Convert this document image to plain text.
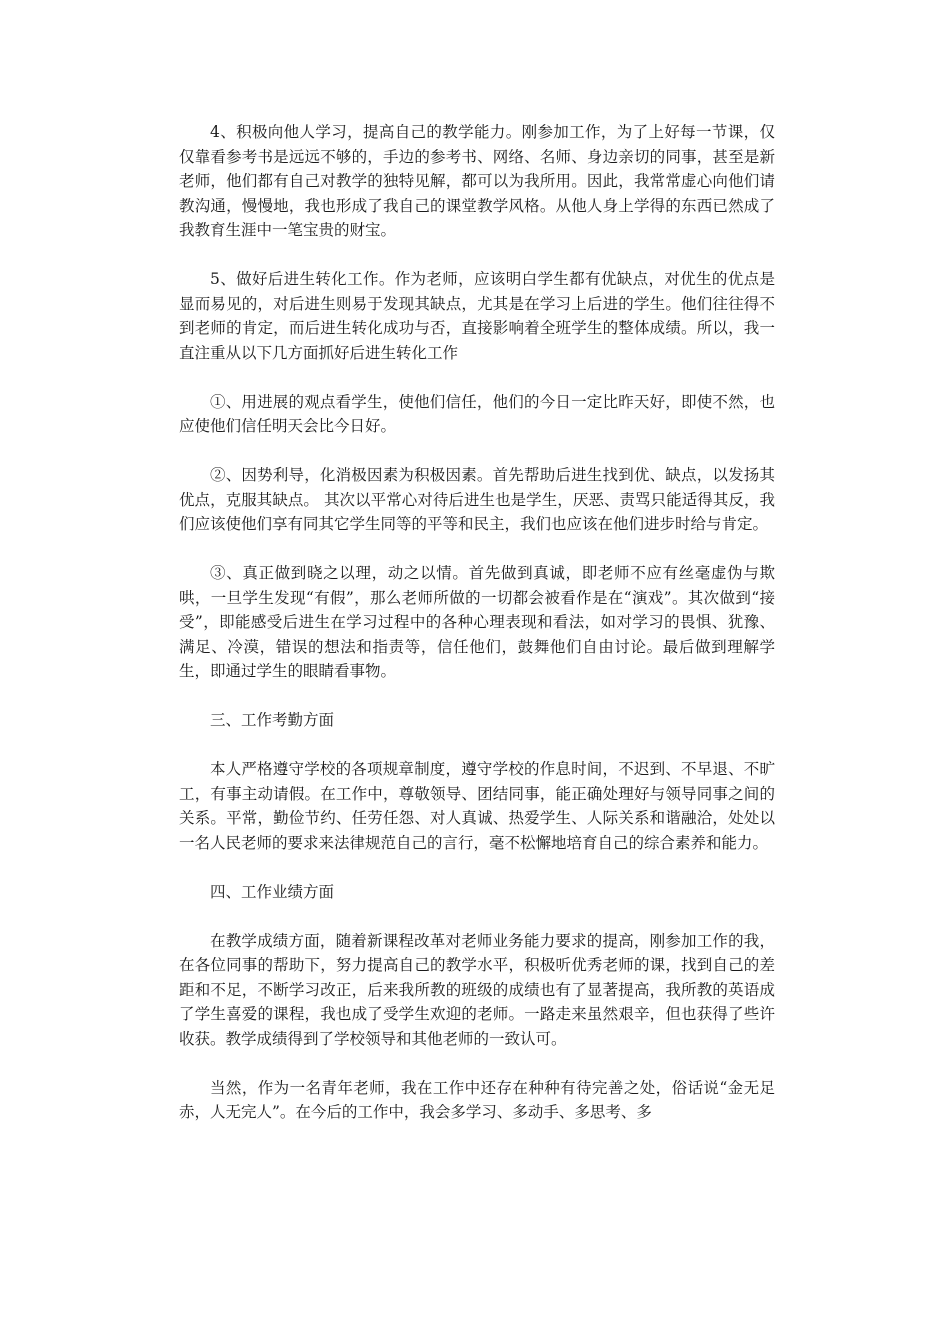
4、积极向他人学习，提高自己的教学能力。刚参加工作，为了上好每一节课，仅仅靠看参考书是远远不够的，手边的参考书、网络、名师、身边亲切的同事，甚至是新老师，他们都有自己对教学的独特见解，都可以为我所用。因此，我常常虚心向他们请教沟通，慢慢地，我也形成了我自己的课堂教学风格。从他人身上学得的东西已然成了我教育生涯中一笔宝贵的财宝。

5、做好后进生转化工作。作为老师，应该明白学生都有优缺点，对优生的优点是显而易见的，对后进生则易于发现其缺点，尤其是在学习上后进的学生。他们往往得不到老师的肯定，而后进生转化成功与否，直接影响着全班学生的整体成绩。所以，我一直注重从以下几方面抓好后进生转化工作

①、用进展的观点看学生，使他们信任，他们的今日一定比昨天好，即使不然，也应使他们信任明天会比今日好。

②、因势利导，化消极因素为积极因素。首先帮助后进生找到优、缺点，以发扬其优点，克服其缺点。 其次以平常心对待后进生也是学生，厌恶、责骂只能适得其反，我们应该使他们享有同其它学生同等的平等和民主，我们也应该在他们进步时给与肯定。

③、真正做到晓之以理，动之以情。首先做到真诚，即老师不应有丝毫虚伪与欺哄，一旦学生发现“有假”，那么老师所做的一切都会被看作是在“演戏”。其次做到“接受”，即能感受后进生在学习过程中的各种心理表现和看法，如对学习的畏惧、犹豫、满足、冷漠，错误的想法和指责等，信任他们，鼓舞他们自由讨论。最后做到理解学生，即通过学生的眼睛看事物。

三、工作考勤方面

本人严格遵守学校的各项规章制度，遵守学校的作息时间，不迟到、不早退、不旷工，有事主动请假。在工作中，尊敬领导、团结同事，能正确处理好与领导同事之间的关系。平常，勤俭节约、任劳任怨、对人真诚、热爱学生、人际关系和谐融洽，处处以一名人民老师的要求来法律规范自己的言行，毫不松懈地培育自己的综合素养和能力。

四、工作业绩方面

在教学成绩方面，随着新课程改革对老师业务能力要求的提高，刚参加工作的我，在各位同事的帮助下，努力提高自己的教学水平，积极听优秀老师的课，找到自己的差距和不足，不断学习改正，后来我所教的班级的成绩也有了显著提高，我所教的英语成了学生喜爱的课程，我也成了受学生欢迎的老师。一路走来虽然艰辛，但也获得了些许收获。教学成绩得到了学校领导和其他老师的一致认可。

当然，作为一名青年老师，我在工作中还存在种种有待完善之处，俗话说“金无足赤，人无完人”。在今后的工作中，我会多学习、多动手、多思考、多
